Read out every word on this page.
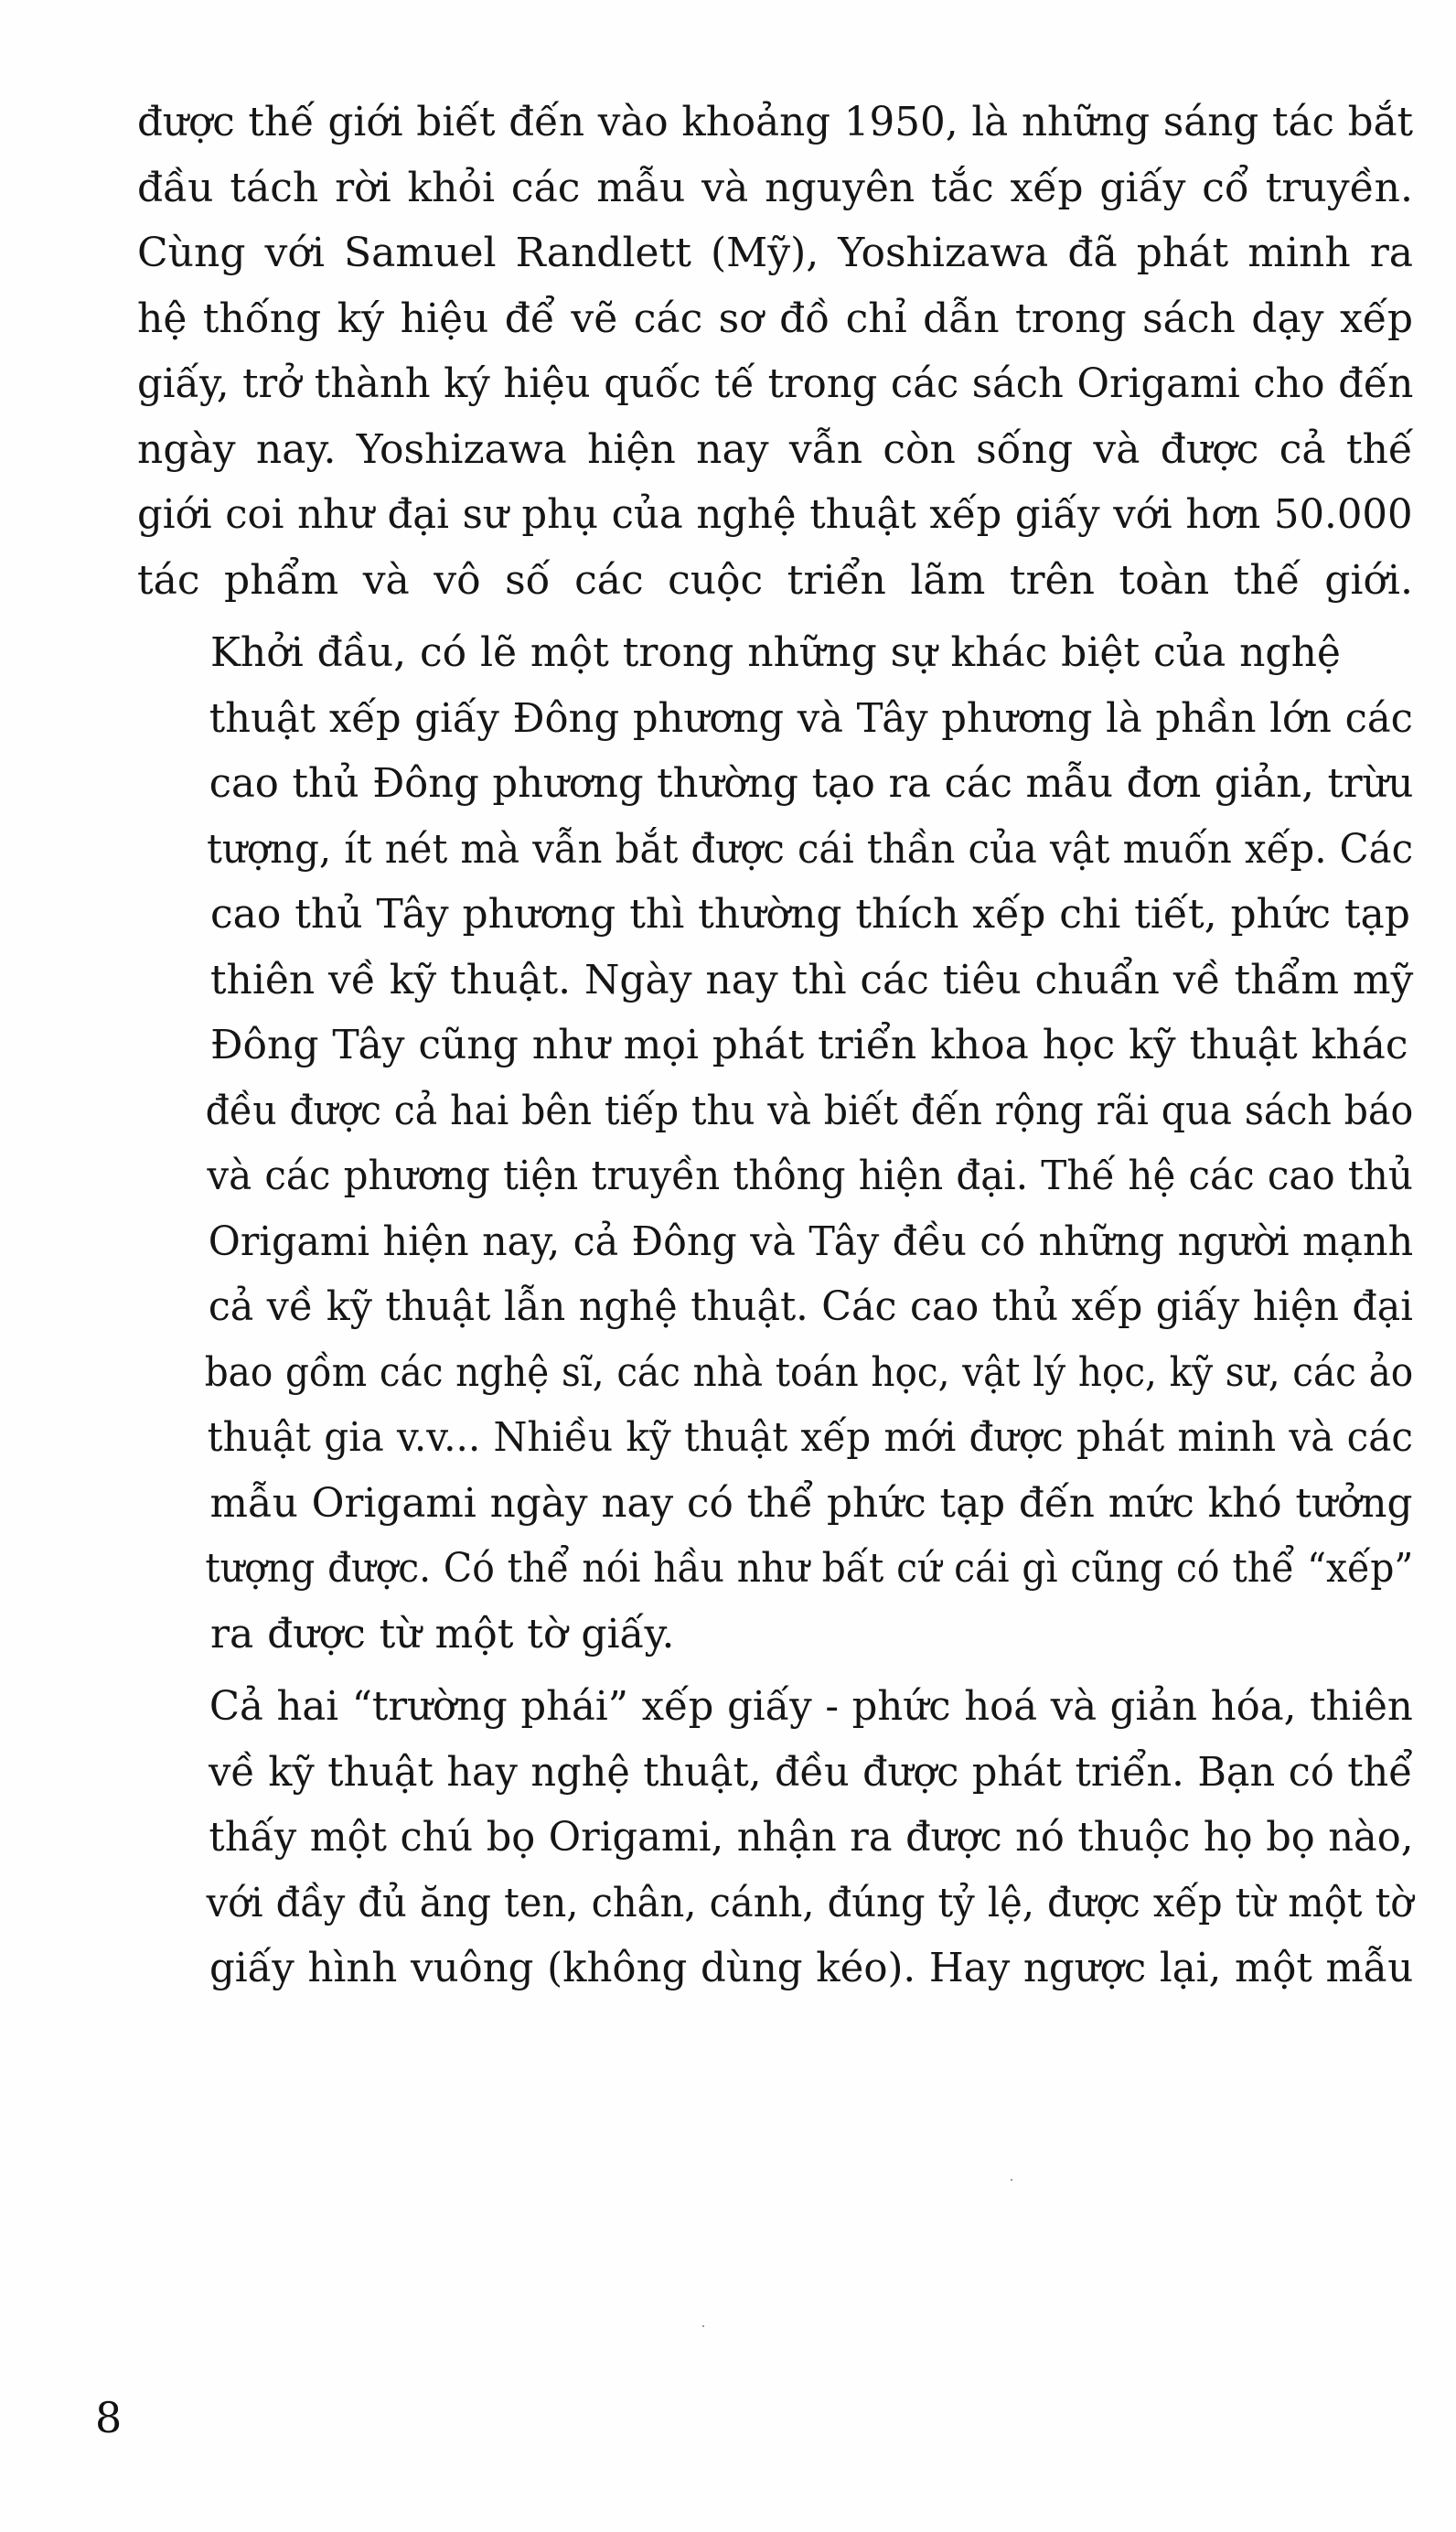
được thế giới biết đến vào khoảng 1950, là những sáng tác bắt
đầu tách rời khỏi các mẫu và nguyên tắc xếp giấy cổ truyền.
Cùng với Samuel Randlett (Mỹ), Yoshizawa đã phát minh ra
hệ thống ký hiệu để vẽ các sơ đồ chỉ dẫn trong sách dạy xếp
giấy, trở thành ký hiệu quốc tế trong các sách Origami cho đến
ngày nay. Yoshizawa hiện nay vẫn còn sống và được cả thế
giới coi như đại sư phụ của nghệ thuật xếp giấy với hơn 50.000
tác phẩm và vô số các cuộc triển lãm trên toàn thế giới.

Khởi đầu, có lẽ một trong những sự khác biệt của nghệ
thuật xếp giấy Đông phương và Tây phương là phần lớn các
cao thủ Đông phương thường tạo ra các mẫu đơn giản, trừu
tượng, ít nét mà vẫn bắt được cái thần của vật muốn xếp. Các
cao thủ Tây phương thì thường thích xếp chi tiết, phức tạp
thiên về kỹ thuật. Ngày nay thì các tiêu chuẩn về thẩm mỹ
Đông Tây cũng như mọi phát triển khoa học kỹ thuật khác
đều được cả hai bên tiếp thu và biết đến rộng rãi qua sách báo
và các phương tiện truyền thông hiện đại. Thế hệ các cao thủ
Origami hiện nay, cả Đông và Tây đều có những người mạnh
cả về kỹ thuật lẫn nghệ thuật. Các cao thủ xếp giấy hiện đại
bao gồm các nghệ sĩ, các nhà toán học, vật lý học, kỹ sư, các ảo
thuật gia v.v... Nhiều kỹ thuật xếp mới được phát minh và các
mẫu Origami ngày nay có thể phức tạp đến mức khó tưởng
tượng được. Có thể nói hầu như bất cứ cái gì cũng có thể “xếp”
ra được từ một tờ giấy.

Cả hai “trường phái” xếp giấy - phức hoá và giản hóa, thiên
về kỹ thuật hay nghệ thuật, đều được phát triển. Bạn có thể
thấy một chú bọ Origami, nhận ra được nó thuộc họ bọ nào,
với đầy đủ ăng ten, chân, cánh, đúng tỷ lệ, được xếp từ một tờ
giấy hình vuông (không dùng kéo). Hay ngược lại, một mẫu

8
